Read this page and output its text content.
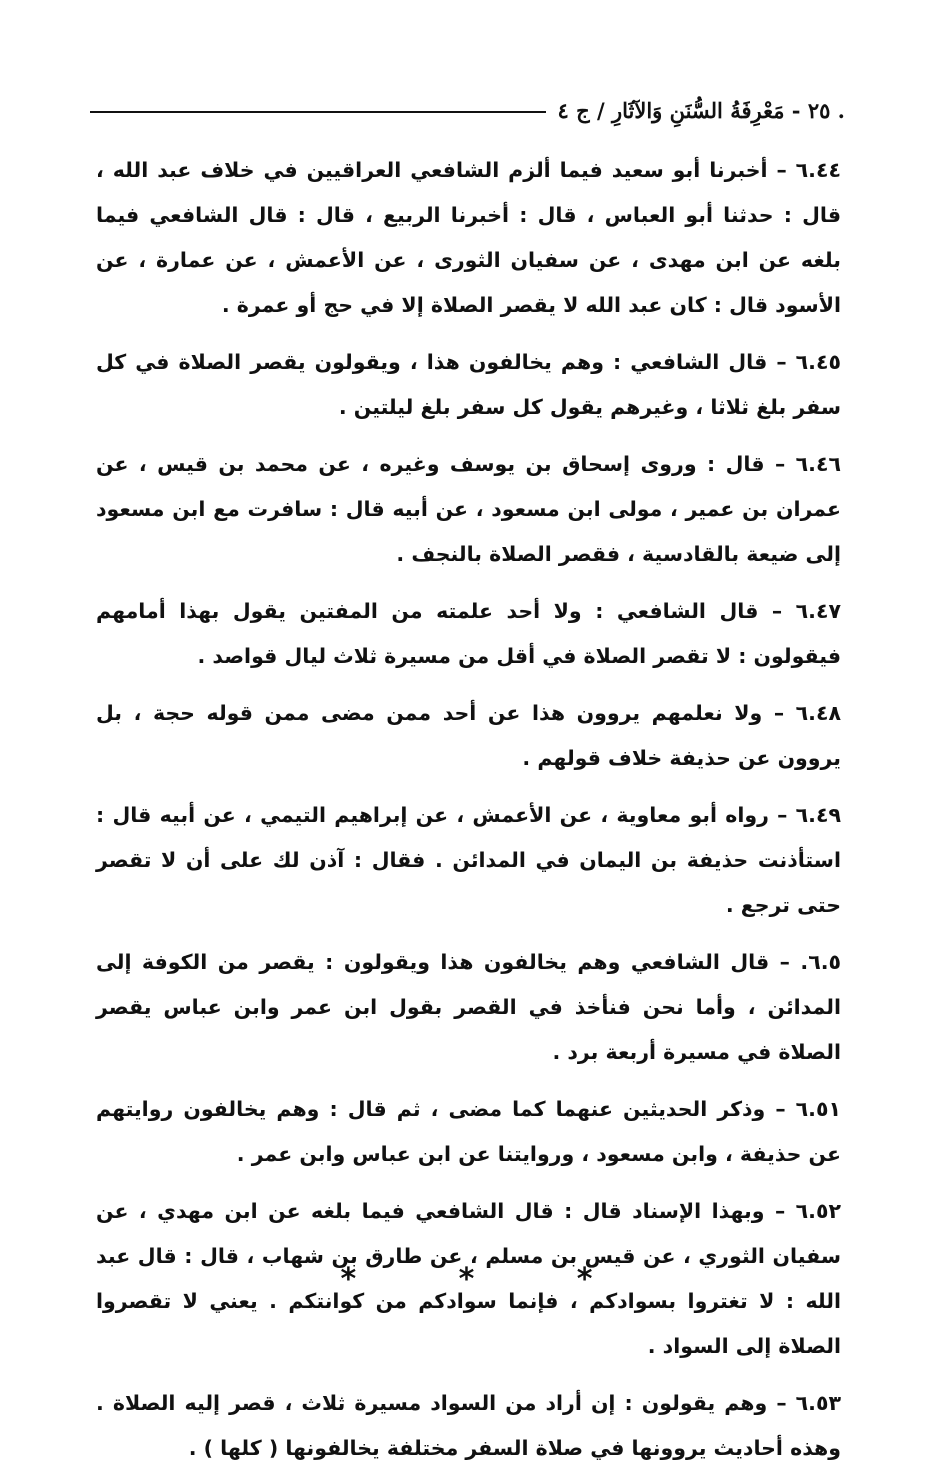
. ٢٥ - مَعْرِفَةُ السُّنَنِ وَالآثَارِ / ج ٤

٦.٤٤ – أخبرنا أبو سعيد فيما ألزم الشافعي العراقيين في خلاف عبد الله ، قال : حدثنا أبو العباس ، قال : أخبرنا الربيع ، قال : قال الشافعي فيما بلغه عن ابن مهدى ، عن سفيان الثورى ، عن الأعمش ، عن عمارة ، عن الأسود قال : كان عبد الله لا يقصر الصلاة إلا في حج أو عمرة .

٦.٤٥ – قال الشافعي : وهم يخالفون هذا ، ويقولون يقصر الصلاة في كل سفر بلغ ثلاثا ، وغيرهم يقول كل سفر بلغ ليلتين .

٦.٤٦ – قال : وروى إسحاق بن يوسف وغيره ، عن محمد بن قيس ، عن عمران بن عمير ، مولى ابن مسعود ، عن أبيه قال : سافرت مع ابن مسعود إلى ضيعة بالقادسية ، فقصر الصلاة بالنجف .

٦.٤٧ – قال الشافعي : ولا أحد علمته من المفتين يقول بهذا أمامهم فيقولون : لا تقصر الصلاة في أقل من مسيرة ثلاث ليال قواصد .

٦.٤٨ – ولا نعلمهم يروون هذا عن أحد ممن مضى ممن قوله حجة ، بل يروون عن حذيفة خلاف قولهم .

٦.٤٩ – رواه أبو معاوية ، عن الأعمش ، عن إبراهيم التيمي ، عن أبيه قال : استأذنت حذيفة بن اليمان في المدائن . فقال : آذن لك على أن لا تقصر حتى ترجع .

٦.٥. – قال الشافعي وهم يخالفون هذا ويقولون : يقصر من الكوفة إلى المدائن ، وأما نحن فنأخذ في القصر بقول ابن عمر وابن عباس يقصر الصلاة في مسيرة أربعة برد .

٦.٥١ – وذكر الحديثين عنهما كما مضى ، ثم قال : وهم يخالفون روايتهم عن حذيفة ، وابن مسعود ، وروايتنا عن ابن عباس وابن عمر .

٦.٥٢ – وبهذا الإسناد قال : قال الشافعي فيما بلغه عن ابن مهدي ، عن سفيان الثوري ، عن قيس بن مسلم ، عن طارق بن شهاب ، قال : قال عبد الله : لا تغتروا بسوادكم ، فإنما سوادكم من كوانتكم . يعني لا تقصروا الصلاة إلى السواد .

٦.٥٣ – وهم يقولون : إن أراد من السواد مسيرة ثلاث ، قصر إليه الصلاة . وهذه أحاديث يروونها في صلاة السفر مختلفة يخالفونها ( كلها ) .

* * *
